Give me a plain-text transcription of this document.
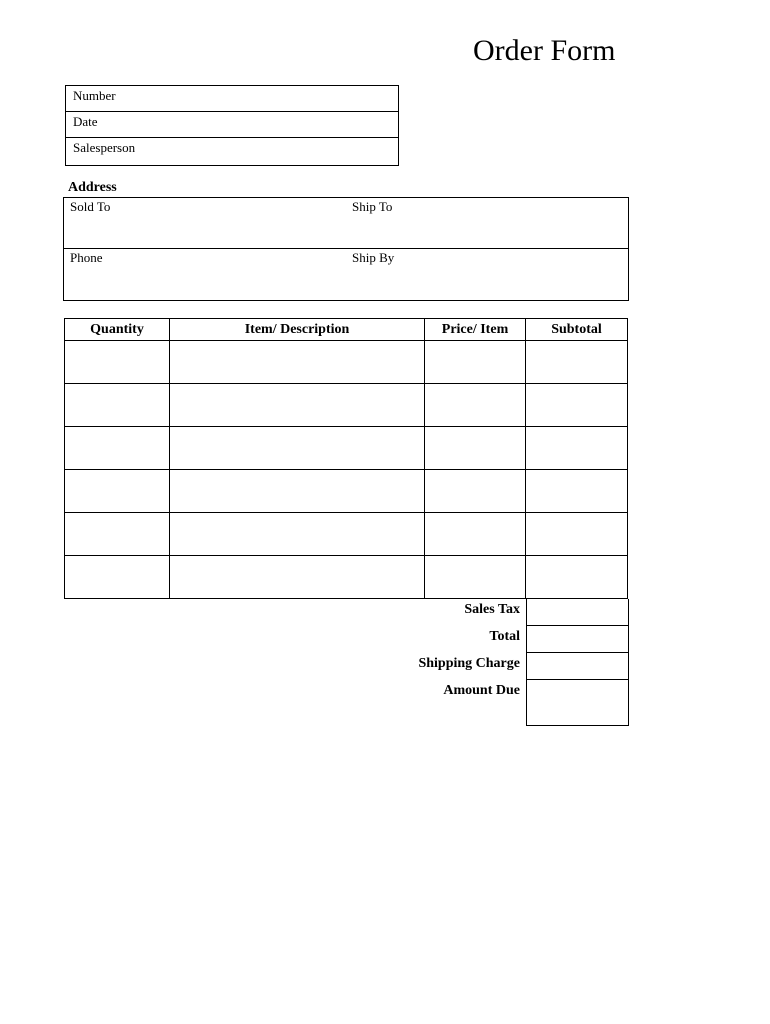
Order Form
Number
Date
Salesperson
Address
Sold To	Ship To
Phone	Ship By
Quantity	Item/ Description	Price/ Item	Subtotal

Sales Tax
Total
Shipping Charge
Amount Due
